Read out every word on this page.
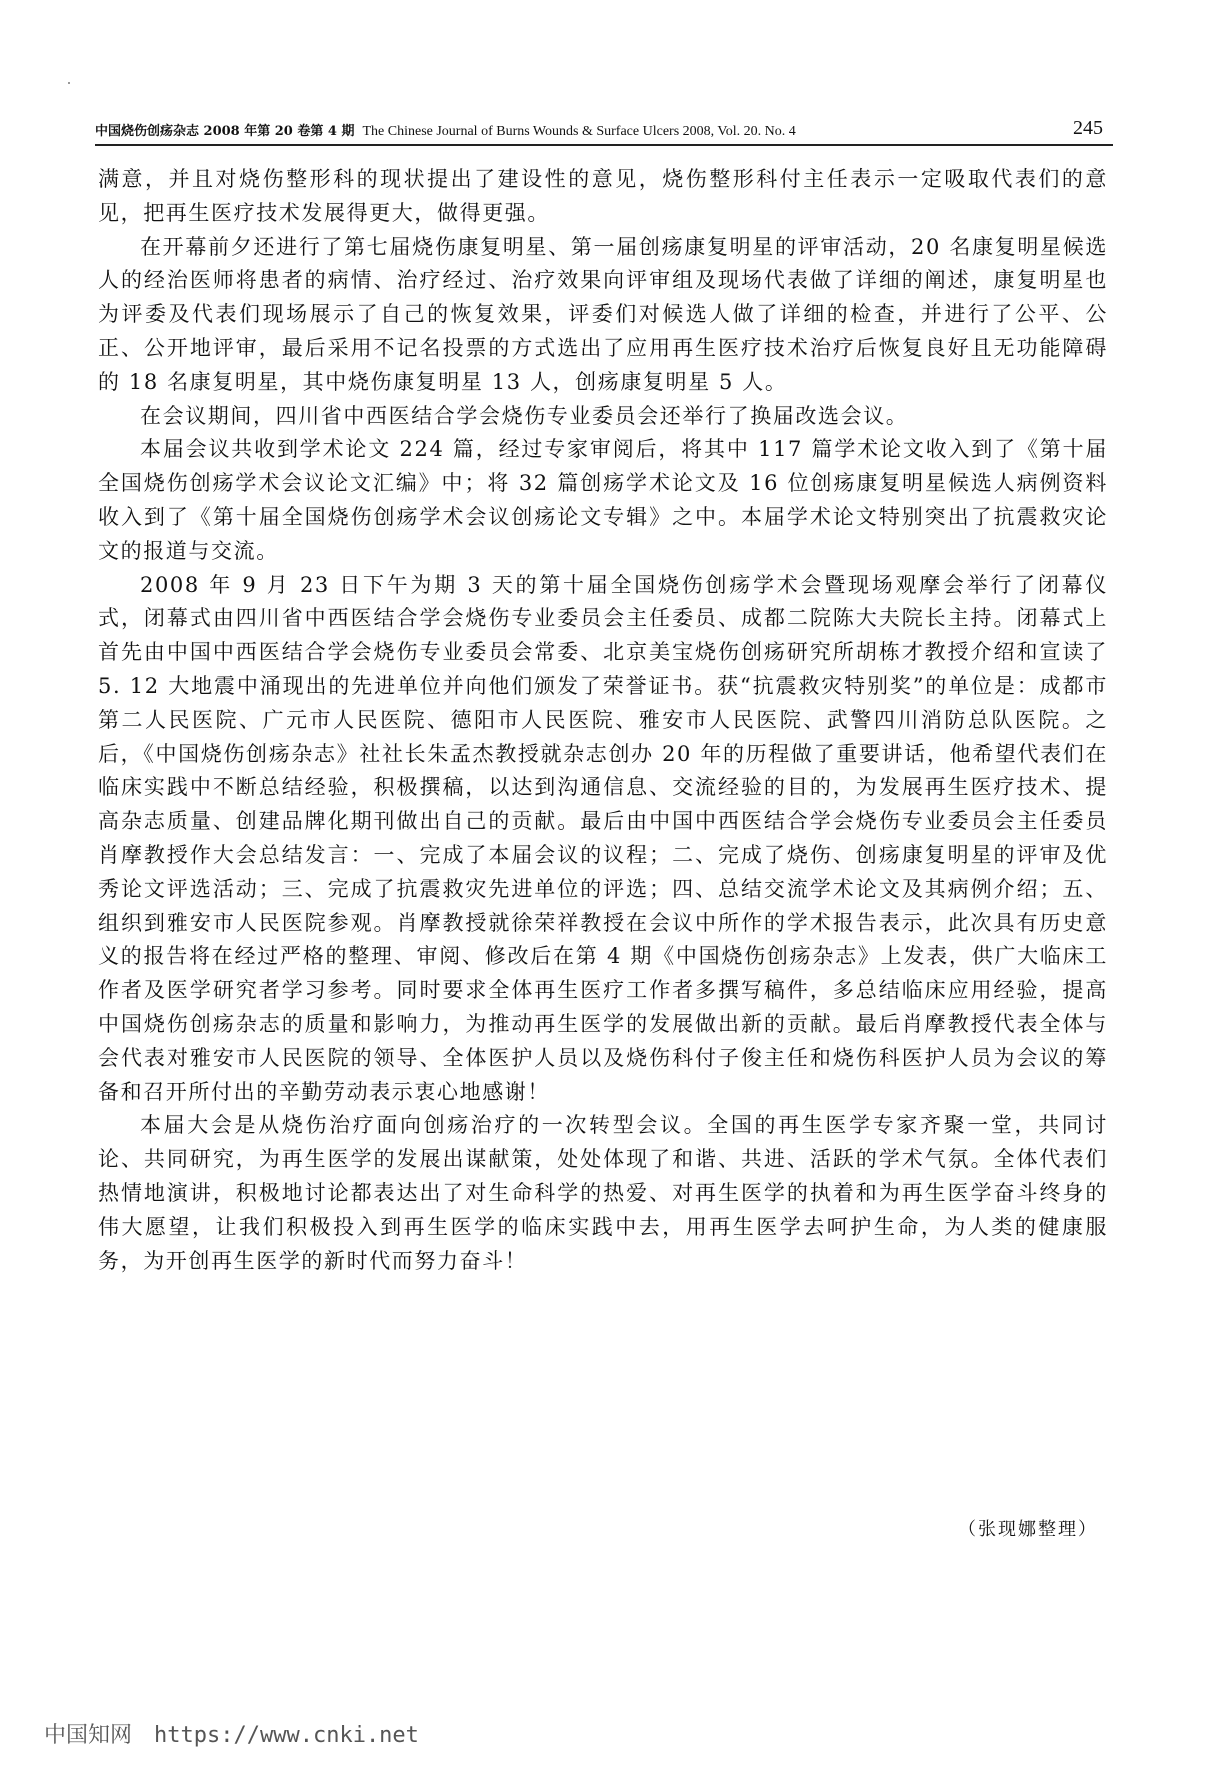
中国烧伤创疡杂志 2008 年第 20 卷第 4 期 The Chinese Journal of Burns Wounds & Surface Ulcers 2008, Vol. 20. No. 4	245

满意，并且对烧伤整形科的现状提出了建设性的意见，烧伤整形科付主任表示一定吸取代表们的意见，把再生医疗技术发展得更大，做得更强。

在开幕前夕还进行了第七届烧伤康复明星、第一届创疡康复明星的评审活动，20 名康复明星候选人的经治医师将患者的病情、治疗经过、治疗效果向评审组及现场代表做了详细的阐述，康复明星也为评委及代表们现场展示了自己的恢复效果，评委们对候选人做了详细的检查，并进行了公平、公正、公开地评审，最后采用不记名投票的方式选出了应用再生医疗技术治疗后恢复良好且无功能障碍的 18 名康复明星，其中烧伤康复明星 13 人，创疡康复明星 5 人。

在会议期间，四川省中西医结合学会烧伤专业委员会还举行了换届改选会议。

本届会议共收到学术论文 224 篇，经过专家审阅后，将其中 117 篇学术论文收入到了《第十届全国烧伤创疡学术会议论文汇编》中；将 32 篇创疡学术论文及 16 位创疡康复明星候选人病例资料收入到了《第十届全国烧伤创疡学术会议创疡论文专辑》之中。本届学术论文特别突出了抗震救灾论文的报道与交流。

2008 年 9 月 23 日下午为期 3 天的第十届全国烧伤创疡学术会暨现场观摩会举行了闭幕仪式，闭幕式由四川省中西医结合学会烧伤专业委员会主任委员、成都二院陈大夫院长主持。闭幕式上首先由中国中西医结合学会烧伤专业委员会常委、北京美宝烧伤创疡研究所胡栋才教授介绍和宣读了 5. 12 大地震中涌现出的先进单位并向他们颁发了荣誉证书。获“抗震救灾特别奖”的单位是：成都市第二人民医院、广元市人民医院、德阳市人民医院、雅安市人民医院、武警四川消防总队医院。之后，《中国烧伤创疡杂志》社社长朱孟杰教授就杂志创办 20 年的历程做了重要讲话，他希望代表们在临床实践中不断总结经验，积极撰稿，以达到沟通信息、交流经验的目的，为发展再生医疗技术、提高杂志质量、创建品牌化期刊做出自己的贡献。最后由中国中西医结合学会烧伤专业委员会主任委员肖摩教授作大会总结发言：一、完成了本届会议的议程；二、完成了烧伤、创疡康复明星的评审及优秀论文评选活动；三、完成了抗震救灾先进单位的评选；四、总结交流学术论文及其病例介绍；五、组织到雅安市人民医院参观。肖摩教授就徐荣祥教授在会议中所作的学术报告表示，此次具有历史意义的报告将在经过严格的整理、审阅、修改后在第 4 期《中国烧伤创疡杂志》上发表，供广大临床工作者及医学研究者学习参考。同时要求全体再生医疗工作者多撰写稿件，多总结临床应用经验，提高中国烧伤创疡杂志的质量和影响力，为推动再生医学的发展做出新的贡献。最后肖摩教授代表全体与会代表对雅安市人民医院的领导、全体医护人员以及烧伤科付子俊主任和烧伤科医护人员为会议的筹备和召开所付出的辛勤劳动表示衷心地感谢！

本届大会是从烧伤治疗面向创疡治疗的一次转型会议。全国的再生医学专家齐聚一堂，共同讨论、共同研究，为再生医学的发展出谋献策，处处体现了和谐、共进、活跃的学术气氛。全体代表们热情地演讲，积极地讨论都表达出了对生命科学的热爱、对再生医学的执着和为再生医学奋斗终身的伟大愿望，让我们积极投入到再生医学的临床实践中去，用再生医学去呵护生命，为人类的健康服务，为开创再生医学的新时代而努力奋斗！

（张现娜整理）
中国知网 https://www.cnki.net
